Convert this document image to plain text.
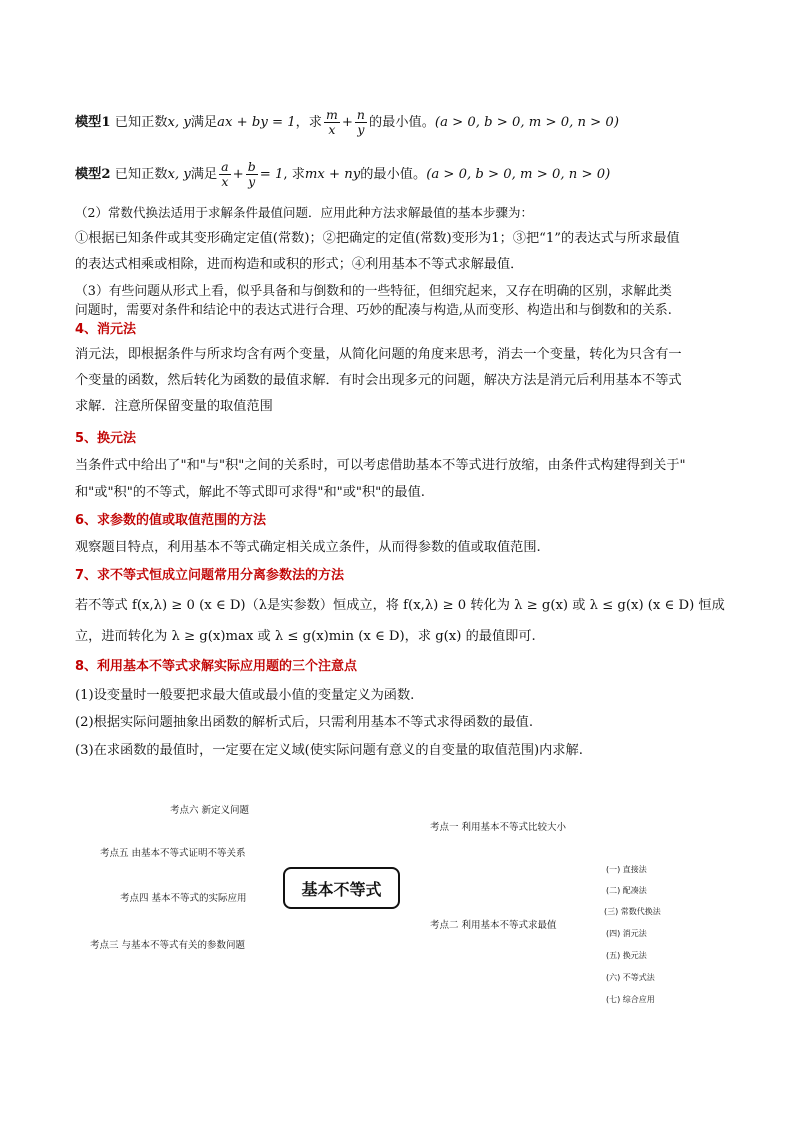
模型1 已知正数x, y满足ax + by = 1，求 $\frac{m}{x} + \frac{n}{y}$ 的最小值。(a > 0, b > 0, m > 0, n > 0)
模型2 已知正数x, y满足 $\frac{a}{x} + \frac{b}{y} = 1$, 求mx + ny的最小值。(a > 0, b > 0, m > 0, n > 0)
（2）常数代换法适用于求解条件最值问题．应用此种方法求解最值的基本步骤为：
①根据已知条件或其变形确定定值(常数)；②把确定的定值(常数)变形为1；③把“1”的表达式与所求最值
的表达式相乘或相除，进而构造和或积的形式；④利用基本不等式求解最值．
（3）有些问题从形式上看，似乎具备和与倒数和的一些特征，但细究起来，又存在明确的区别，求解此类
问题时，需要对条件和结论中的表达式进行合理、巧妙的配凑与构造,从而变形、构造出和与倒数和的关系.
4、消元法
消元法，即根据条件与所求均含有两个变量，从简化问题的角度来思考，消去一个变量，转化为只含有一
个变量的函数，然后转化为函数的最值求解．有时会出现多元的问题，解决方法是消元后利用基本不等式
求解．注意所保留变量的取值范围
5、换元法
当条件式中给出了"和"与"积"之间的关系时，可以考虑借助基本不等式进行放缩，由条件式构建得到关于"
和"或"积"的不等式，解此不等式即可求得"和"或"积"的最值.
6、求参数的值或取值范围的方法
观察题目特点，利用基本不等式确定相关成立条件，从而得参数的值或取值范围.
7、求不等式恒成立问题常用分离参数法的方法
若不等式 f(x,λ) ≥ 0 (x ∈ D)（λ是实参数）恒成立，将 f(x,λ) ≥ 0 转化为 λ ≥ g(x) 或 λ ≤ g(x) (x ∈ D) 恒成
立，进而转化为 λ ≥ g(x)max 或 λ ≤ g(x)min (x ∈ D)，求 g(x) 的最值即可.
8、利用基本不等式求解实际应用题的三个注意点
(1)设变量时一般要把求最大值或最小值的变量定义为函数.
(2)根据实际问题抽象出函数的解析式后，只需利用基本不等式求得函数的最值.
(3)在求函数的最值时，一定要在定义域(使实际问题有意义的自变量的取值范围)内求解.
基本不等式
考点六 新定义问题
考点五 由基本不等式证明不等关系
考点四 基本不等式的实际应用
考点三 与基本不等式有关的参数问题
考点一 利用基本不等式比较大小
考点二 利用基本不等式求最值
(一) 直接法
(二) 配凑法
(三) 常数代换法
(四) 消元法
(五) 换元法
(六) 不等式法
(七) 综合应用
